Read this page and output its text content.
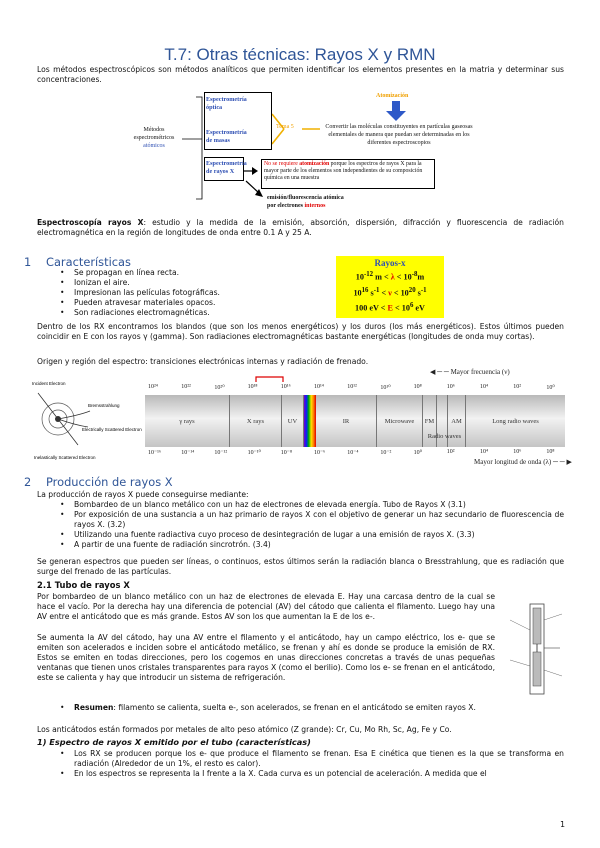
T.7: Otras técnicas: Rayos X y RMN
Los métodos espectroscópicos son métodos analíticos que permiten identificar los elementos presentes en la matria y determinar sus concentraciones.
Métodos
espectrométricos
atómicos
Espectrometría
óptica
Espectrometría
de masas
Tema 5
Atomización
Convertir las moléculas constituyentes en partículas gaseosas elementales de manera que puedan ser determinadas en los diferentes espectroscopios
Espectrometría
de rayos X
No se requiere atomización porque los espectros de rayos X para la mayor parte de los elementos son independientes de su composición química en una muestra
emisión/fluorescencia atómica
por electrones internos
Espectroscopía rayos X: estudio y la medida de la emisión, absorción, dispersión, difracción y fluorescencia de radiación electromagnética en la región de longitudes de onda entre 0.1 A y 25 A.
1 Características
• Se propagan en línea recta.
• Ionizan el aire.
• Impresionan las películas fotográficas.
• Pueden atravesar materiales opacos.
• Son radiaciones electromagnéticas.
Rayos-x
$10^{-12}$ $m < \lambda < 10^{-8}m$
$10^{16}$ $s^{-1} < \nu < 10^{20}$ $s^{-1}$
100 eV < $E < 10^6$ eV
Dentro de los RX encontramos los blandos (que son los menos energéticos) y los duros (los más energéticos). Estos últimos pueden coincidir en E con los rayos γ (gamma). Son radiaciones electromagnéticas bastante energéticas (longitudes de onda muy cortas).
Origen y región del espectro: transiciones electrónicas internas y radiación de frenado.
Incident Electron
Bremsstrahlung
Electrically Scattered Electron
Inelastically Scattered Electron
◀ ─ ─ Mayor frecuencia (ν)
10²⁴	10²²	10²⁰	10¹⁸	10¹⁶	10¹⁴	10¹²	10¹⁰	10⁸	10⁶	10⁴	10²	10⁰
γ rays	X rays	UV	IR	Microwave	FM	AM	Long radio waves
Radio waves
10⁻¹⁶	10⁻¹⁴	10⁻¹²	10⁻¹⁰	10⁻⁸	10⁻⁶	10⁻⁴	10⁻²	10⁰	10²	10⁴	10⁶	10⁸
Mayor longitud de onda (λ) ─ ─ ▶
2 Producción de rayos X
La producción de rayos X puede conseguirse mediante:
• Bombardeo de un blanco metálico con un haz de electrones de elevada energía. Tubo de Rayos X (3.1)
• Por exposición de una sustancia a un haz primario de rayos X con el objetivo de generar un haz secundario de fluorescencia de rayos X. (3.2)
• Utilizando una fuente radiactiva cuyo proceso de desintegración de lugar a una emisión de rayos X. (3.3)
• A partir de una fuente de radiación sincrotrón. (3.4)
Se generan espectros que pueden ser líneas, o continuos, estos últimos serán la radiación blanca o Bresstrahlung, que es radiación que surge del frenado de las partículas.
2.1 Tubo de rayos X
Por bombardeo de un blanco metálico con un haz de electrones de elevada E. Hay una carcasa dentro de la cual se hace el vacío. Por la derecha hay una diferencia de potencial (AV) del cátodo que calienta el filamento. Luego hay una AV entre el anticátodo que es más grande. Estos AV son los que aumentan la E de los e-.
Se aumenta la AV del cátodo, hay una AV entre el filamento y el anticátodo, hay un campo eléctrico, los e- que se emiten son acelerados e inciden sobre el anticátodo metálico, se frenan y ahí es donde se produce la emisión de RX. Estos se emiten en todas direcciones, pero los cogemos en unas direcciones concretas a través de unas pequeñas ventanas que tienen unos cristales transparentes para rayos X (como el berilio). Como los e- se frenan en el anticátodo, este se calienta y hay que introducir un sistema de refrigeración.
• Resumen: filamento se calienta, suelta e-, son acelerados, se frenan en el anticátodo se emiten rayos X.
Los anticátodos están formados por metales de alto peso atómico (Z grande): Cr, Cu, Mo Rh, Sc, Ag, Fe y Co.
1) Espectro de rayos X emitido por el tubo (características)
• Los RX se producen porque los e- que produce el filamento se frenan. Esa E cinética que tienen es la que se transforma en radiación (Alrededor de un 1%, el resto es calor).
• En los espectros se representa la I frente a la X. Cada curva es un potencial de aceleración. A medida que el
1
